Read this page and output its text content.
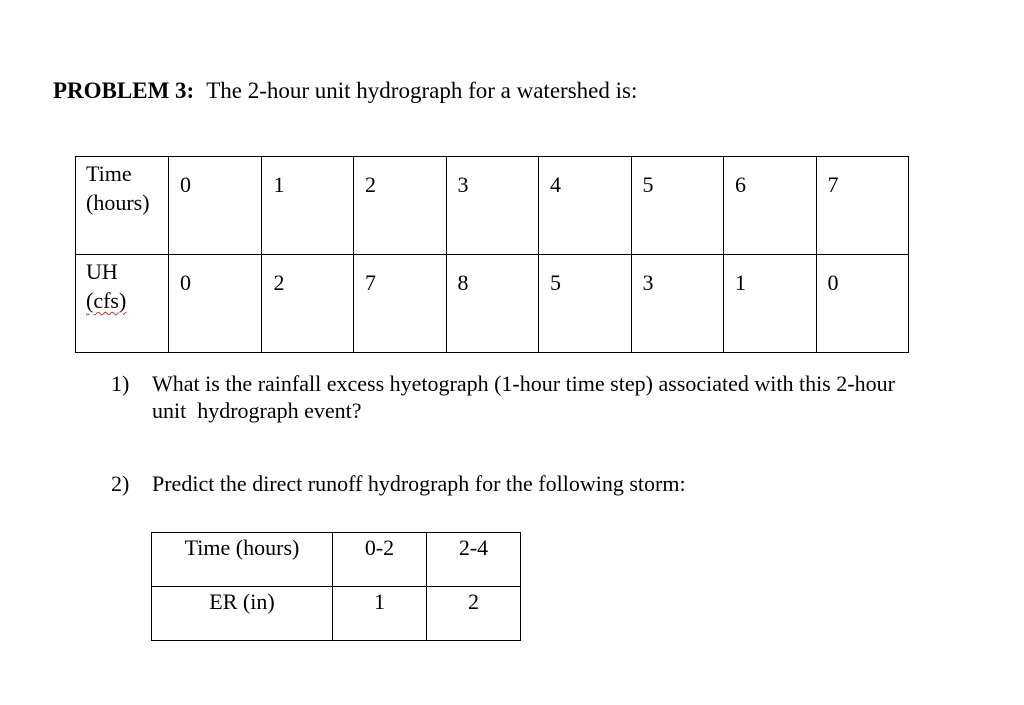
PROBLEM 3: The 2-hour unit hydrograph for a watershed is:
Time
(hours)	0	1	2	3	4	5	6	7

UH
(cfs)	0	2	7	8	5	3	1	0
1) What is the rainfall excess hyetograph (1-hour time step) associated with this 2-hour
unit  hydrograph event?
2) Predict the direct runoff hydrograph for the following storm:
Time (hours)	0-2	2-4
ER (in)	1	2
